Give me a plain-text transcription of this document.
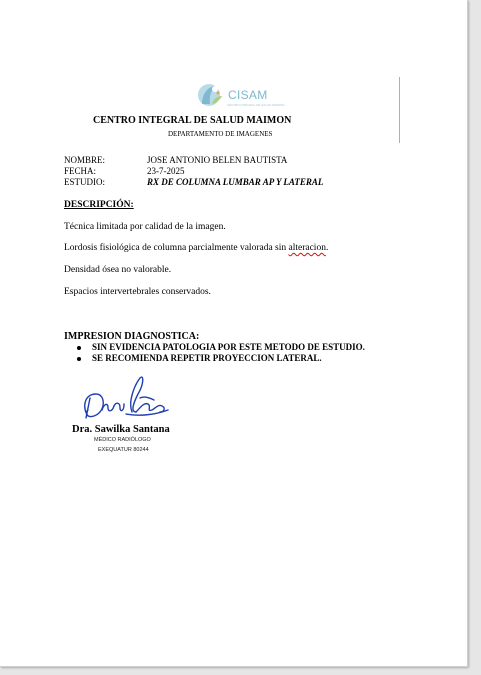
CISAM
CENTRO INTEGRAL DE SALUD MAIMON
CENTRO INTEGRAL DE SALUD MAIMON
DEPARTAMENTO DE IMAGENES
NOMBRE:	JOSE ANTONIO BELEN BAUTISTA
FECHA:	23-7-2025
ESTUDIO:	RX DE COLUMNA LUMBAR AP Y LATERAL
DESCRIPCIÓN:
Técnica limitada por calidad de la imagen.
Lordosis fisiológica de columna parcialmente valorada sin alteracion.
Densidad ósea no valorable.
Espacios intervertebrales conservados.
IMPRESION DIAGNOSTICA:
SIN EVIDENCIA PATOLOGIA POR ESTE METODO DE ESTUDIO.
SE RECOMIENDA REPETIR PROYECCION LATERAL.
Dra. Sawilka Santana
MÉDICO RADIÓLOGO
EXEQUATUR 80244
